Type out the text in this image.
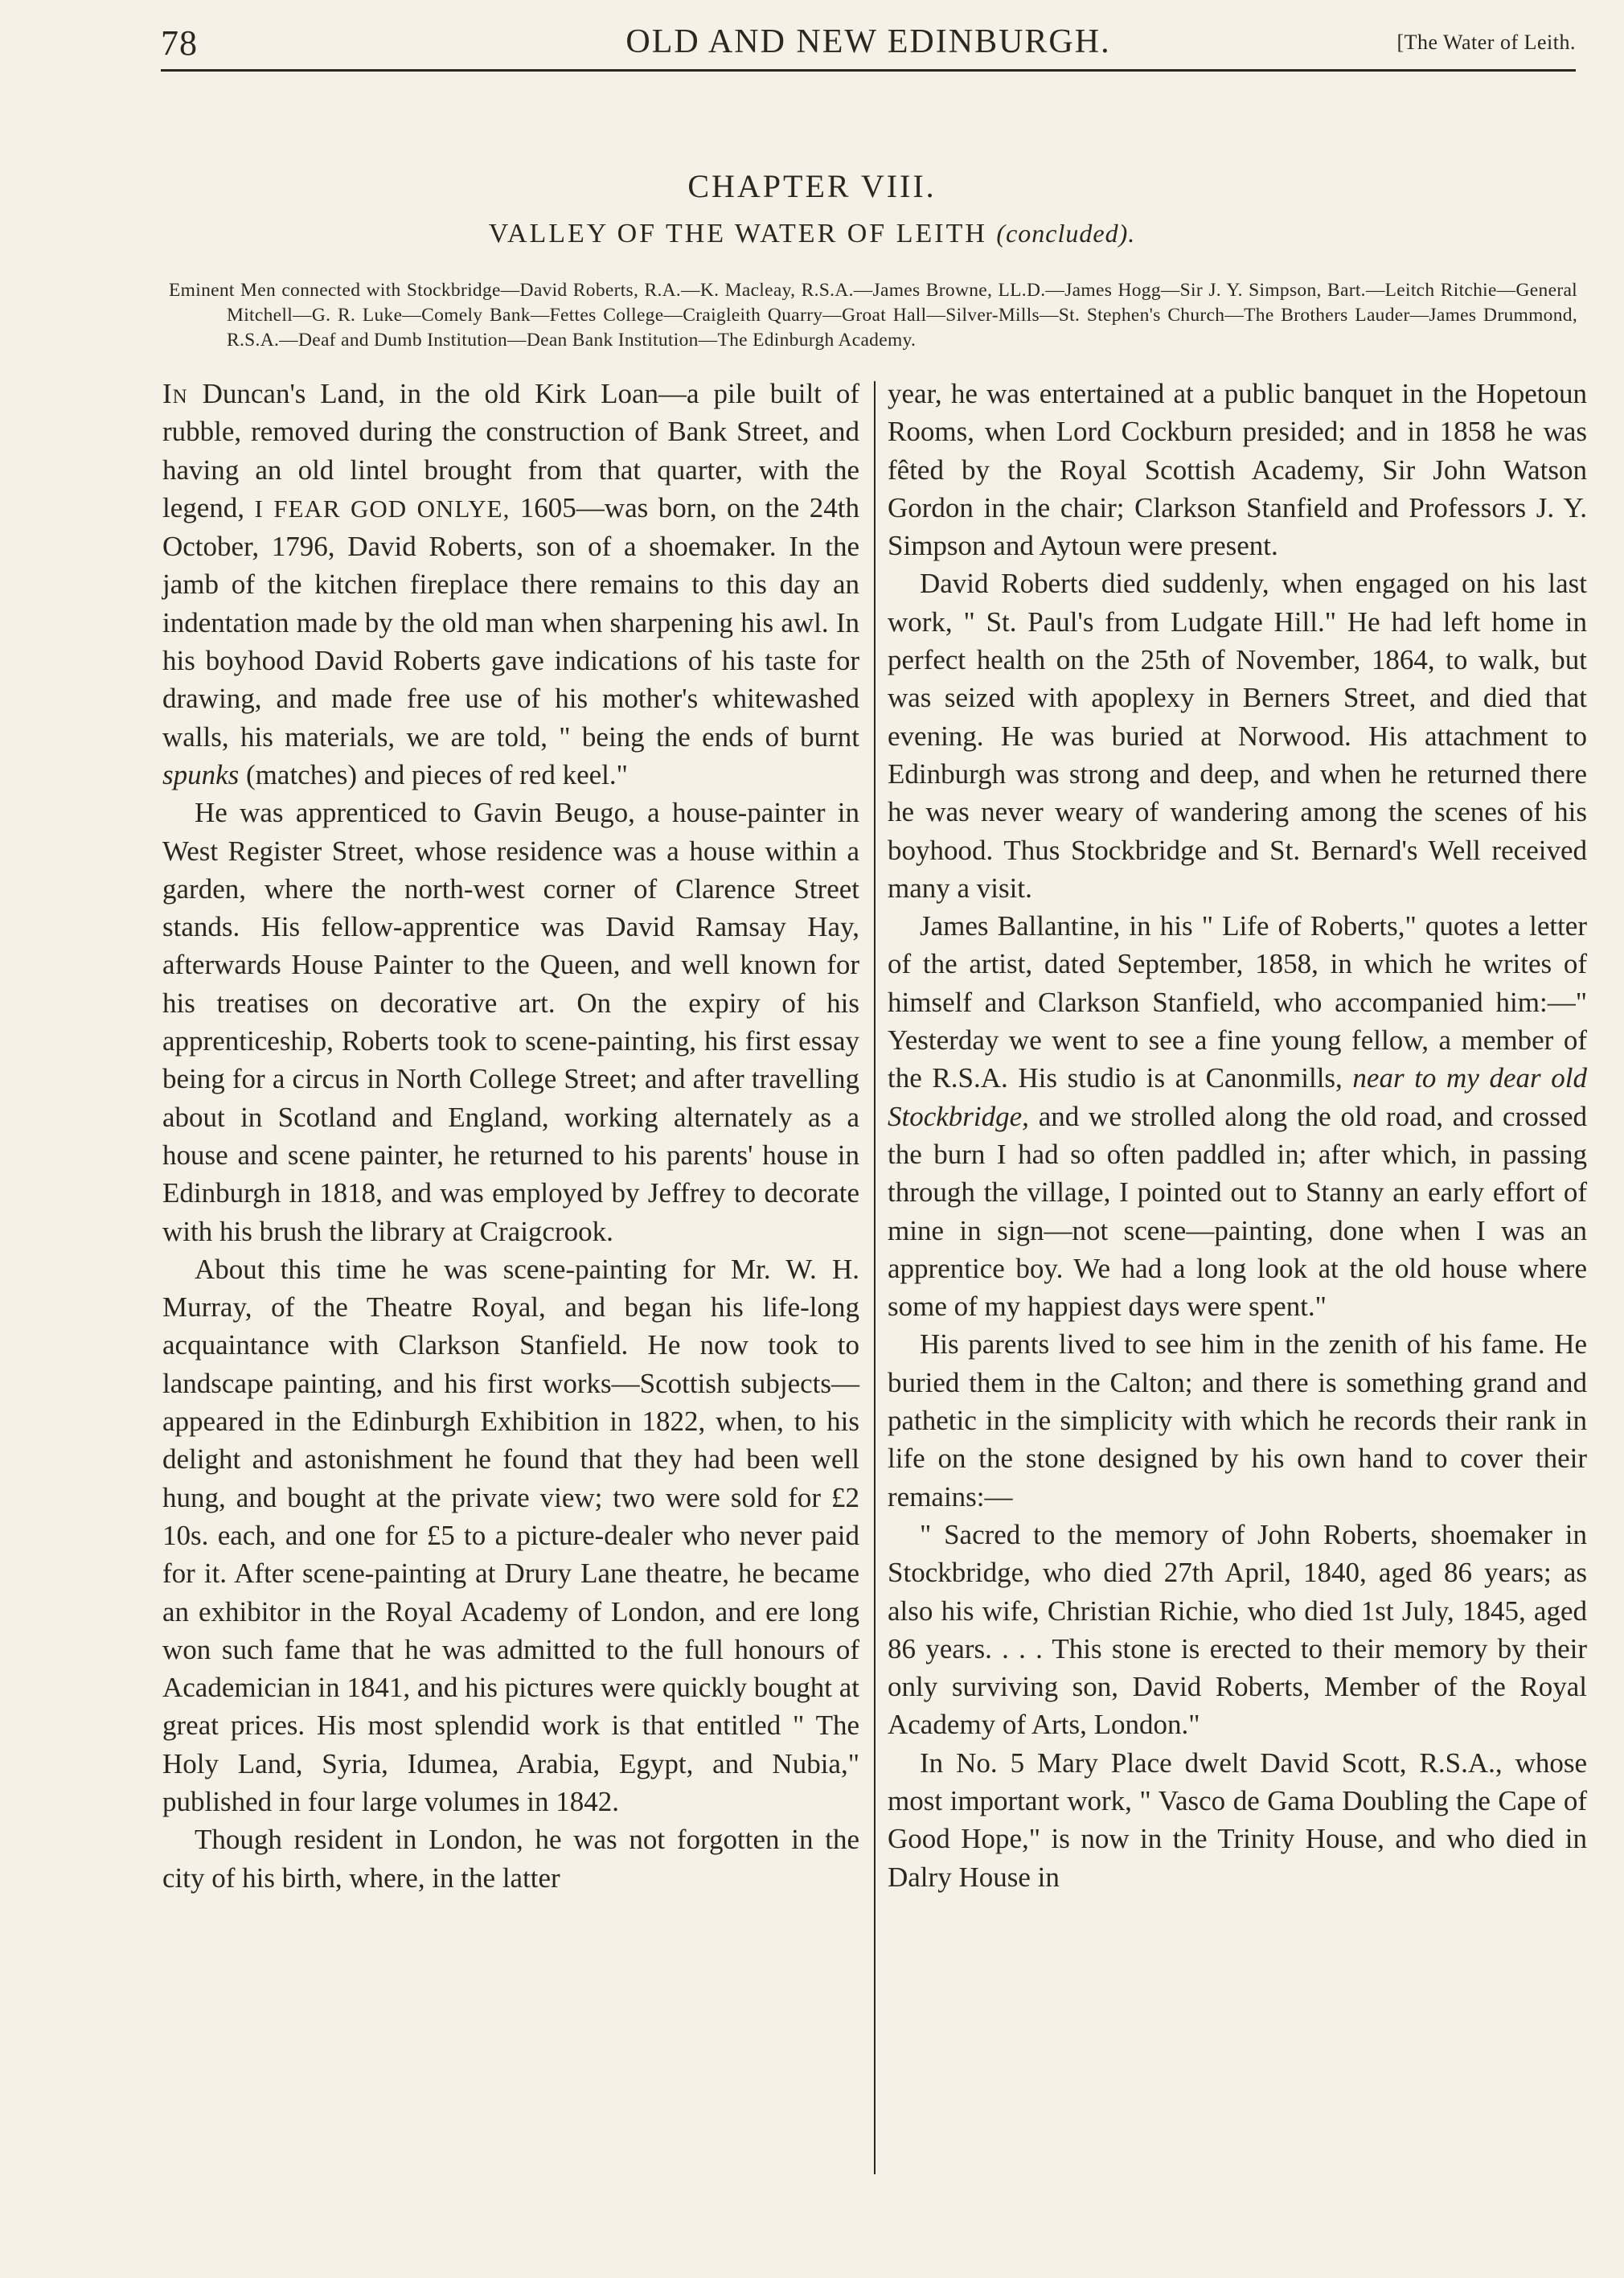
78	OLD AND NEW EDINBURGH.	[The Water of Leith.
CHAPTER VIII.
VALLEY OF THE WATER OF LEITH (concluded).
Eminent Men connected with Stockbridge—David Roberts, R.A.—K. Macleay, R.S.A.—James Browne, LL.D.—James Hogg—Sir J. Y. Simpson, Bart.—Leitch Ritchie—General Mitchell—G. R. Luke—Comely Bank—Fettes College—Craigleith Quarry—Groat Hall—Silver-Mills—St. Stephen's Church—The Brothers Lauder—James Drummond, R.S.A.—Deaf and Dumb Institution—Dean Bank Institution—The Edinburgh Academy.

In Duncan's Land, in the old Kirk Loan—a pile built of rubble, removed during the construction of Bank Street, and having an old lintel brought from that quarter, with the legend, I FEAR GOD ONLYE, 1605—was born, on the 24th October, 1796, David Roberts, son of a shoemaker. In the jamb of the kitchen fireplace there remains to this day an indentation made by the old man when sharpening his awl. In his boyhood David Roberts gave indications of his taste for drawing, and made free use of his mother's whitewashed walls, his materials, we are told, " being the ends of burnt spunks (matches) and pieces of red keel."

He was apprenticed to Gavin Beugo, a house-painter in West Register Street, whose residence was a house within a garden, where the north-west corner of Clarence Street stands. His fellow-apprentice was David Ramsay Hay, afterwards House Painter to the Queen, and well known for his treatises on decorative art. On the expiry of his apprenticeship, Roberts took to scene-painting, his first essay being for a circus in North College Street; and after travelling about in Scotland and England, working alternately as a house and scene painter, he returned to his parents' house in Edinburgh in 1818, and was employed by Jeffrey to decorate with his brush the library at Craigcrook.

About this time he was scene-painting for Mr. W. H. Murray, of the Theatre Royal, and began his life-long acquaintance with Clarkson Stanfield. He now took to landscape painting, and his first works—Scottish subjects—appeared in the Edinburgh Exhibition in 1822, when, to his delight and astonishment he found that they had been well hung, and bought at the private view; two were sold for £2 10s. each, and one for £5 to a picture-dealer who never paid for it. After scene-painting at Drury Lane theatre, he became an exhibitor in the Royal Academy of London, and ere long won such fame that he was admitted to the full honours of Academician in 1841, and his pictures were quickly bought at great prices. His most splendid work is that entitled " The Holy Land, Syria, Idumea, Arabia, Egypt, and Nubia," published in four large volumes in 1842.

Though resident in London, he was not forgotten in the city of his birth, where, in the latter

year, he was entertained at a public banquet in the Hopetoun Rooms, when Lord Cockburn presided; and in 1858 he was fêted by the Royal Scottish Academy, Sir John Watson Gordon in the chair; Clarkson Stanfield and Professors J. Y. Simpson and Aytoun were present.

David Roberts died suddenly, when engaged on his last work, " St. Paul's from Ludgate Hill." He had left home in perfect health on the 25th of November, 1864, to walk, but was seized with apoplexy in Berners Street, and died that evening. He was buried at Norwood. His attachment to Edinburgh was strong and deep, and when he returned there he was never weary of wandering among the scenes of his boyhood. Thus Stockbridge and St. Bernard's Well received many a visit.

James Ballantine, in his " Life of Roberts," quotes a letter of the artist, dated September, 1858, in which he writes of himself and Clarkson Stanfield, who accompanied him:—" Yesterday we went to see a fine young fellow, a member of the R.S.A. His studio is at Canonmills, near to my dear old Stockbridge, and we strolled along the old road, and crossed the burn I had so often paddled in; after which, in passing through the village, I pointed out to Stanny an early effort of mine in sign—not scene—painting, done when I was an apprentice boy. We had a long look at the old house where some of my happiest days were spent."

His parents lived to see him in the zenith of his fame. He buried them in the Calton; and there is something grand and pathetic in the simplicity with which he records their rank in life on the stone designed by his own hand to cover their remains:—

" Sacred to the memory of John Roberts, shoemaker in Stockbridge, who died 27th April, 1840, aged 86 years; as also his wife, Christian Richie, who died 1st July, 1845, aged 86 years. . . . This stone is erected to their memory by their only surviving son, David Roberts, Member of the Royal Academy of Arts, London."

In No. 5 Mary Place dwelt David Scott, R.S.A., whose most important work, " Vasco de Gama Doubling the Cape of Good Hope," is now in the Trinity House, and who died in Dalry House in
